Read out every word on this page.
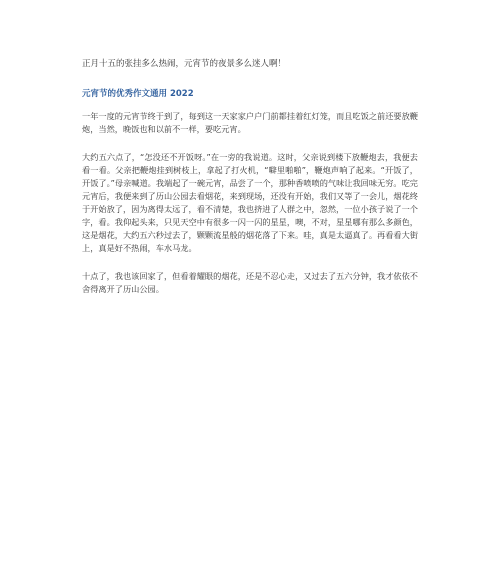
正月十五的张挂多么热闹，元宵节的夜景多么迷人啊！

元宵节的优秀作文通用 2022

一年一度的元宵节终于到了，每到这一天家家户户门前都挂着红灯笼，而且吃饭之前还要放鞭炮，当然，晚饭也和以前不一样，要吃元宵。

大约五六点了，“怎没还不开饭呀。”在一旁的我说道。这时，父亲说到楼下放鞭炮去，我便去看一看。父亲把鞭炮挂到树枝上，拿起了打火机，“噼里啪啪”，鞭炮声响了起来。“开饭了，开饭了。”母亲喊道。我端起了一碗元宵，品尝了一个，那种香喷喷的气味让我回味无穷。吃完元宵后，我便来到了历山公园去看烟花，来到现场，还没有开始，我们又等了一会儿，烟花终于开始放了，因为离得太远了，看不清楚，我也挤进了人群之中，忽然，一位小孩子说了一个字，看。我仰起头来，只见天空中有很多一闪一闪的星星，噢，不对，星星哪有那么多颜色，这是烟花，大约五六秒过去了，颗颗流星般的烟花落了下来。哇，真是太逼真了。再看看大街上，真是好不热闹，车水马龙。

十点了，我也该回家了，但看着耀眼的烟花，还是不忍心走，又过去了五六分钟，我才依依不舍得离开了历山公园。
